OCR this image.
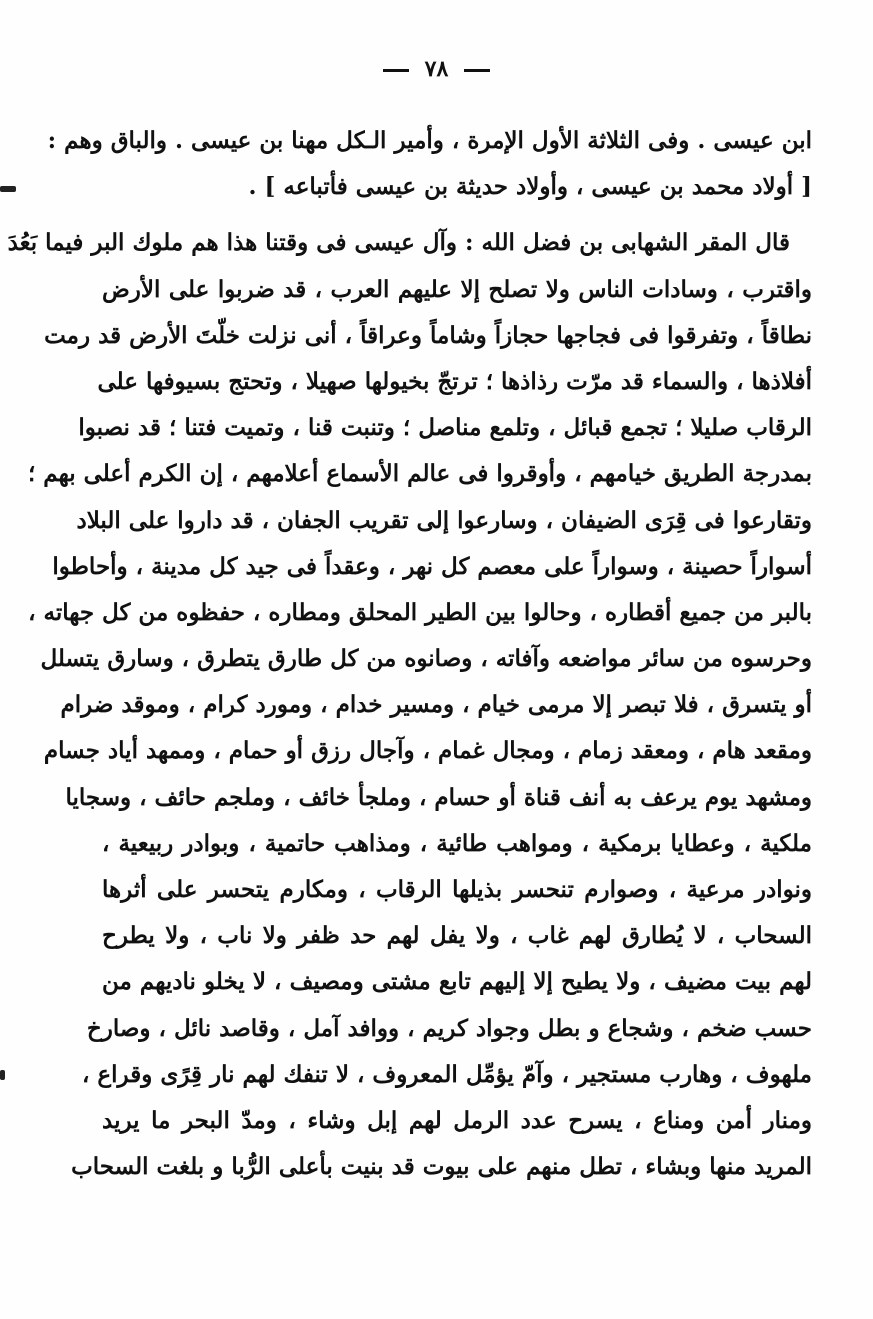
٧٨
ابن عيسى . وفى الثلاثة الأول الإمرة ، وأمير الـكل مهنا بن عيسى . والباق وهم :
[ أولاد محمد بن عيسى ، وأولاد حديثة بن عيسى فأتباعه ] .
قال المقر الشهابى بن فضل الله : وآل عيسى فى وقتنا هذا هم ملوك البر فيما بَعُدَ
واقترب ، وسادات الناس ولا تصلح إلا عليهم العرب ، قد ضربوا على الأرض
نطاقاً ، وتفرقوا فى فجاجها حجازاً وشاماً وعراقاً ، أنى نزلت خلّتَ الأرض قد رمت
أفلاذها ، والسماء قد مرّت رذاذها ؛ ترتجّ بخيولها صهيلا ، وتحتج بسيوفها على
الرقاب صليلا ؛ تجمع قبائل ، وتلمع مناصل ؛ وتنبت قنا ، وتميت فتنا ؛ قد نصبوا
بمدرجة الطريق خيامهم ، وأوقروا فى عالم الأسماع أعلامهم ، إن الكرم أعلى بهم ؛
وتقارعوا فى قِرَى الضيفان ، وسارعوا إلى تقريب الجفان ، قد داروا على البلاد
أسواراً حصينة ، وسواراً على معصم كل نهر ، وعقداً فى جيد كل مدينة ، وأحاطوا
بالبر من جميع أقطاره ، وحالوا بين الطير المحلق ومطاره ، حفظوه من كل جهاته ،
وحرسوه من سائر مواضعه وآفاته ، وصانوه من كل طارق يتطرق ، وسارق يتسلل
أو يتسرق ، فلا تبصر إلا مرمى خيام ، ومسير خدام ، ومورد كرام ، وموقد ضرام
ومقعد هام ، ومعقد زمام ، ومجال غمام ، وآجال رزق أو حمام ، وممهد أياد جسام
ومشهد يوم يرعف به أنف قناة أو حسام ، وملجأ خائف ، وملجم حائف ، وسجايا
ملكية ، وعطايا برمكية ، ومواهب طائية ، ومذاهب حاتمية ، وبوادر ربيعية ،
ونوادر مرعية ، وصوارم تنحسر بذيلها الرقاب ، ومكارم يتحسر على أثرها
السحاب ، لا يُطارق لهم غاب ، ولا يفل لهم حد ظفر ولا ناب ، ولا يطرح
لهم بيت مضيف ، ولا يطيح إلا إليهم تابع مشتى ومصيف ، لا يخلو ناديهم من
حسب ضخم ، وشجاع و بطل وجواد كريم ، ووافد آمل ، وقاصد نائل ، وصارخ
ملهوف ، وهارب مستجير ، وآمّ يؤمِّل المعروف ، لا تنفك لهم نار قِرًى وقراع ،
ومنار أمن ومناع ، يسرح عدد الرمل لهم إبل وشاء ، ومدّ البحر ما يريد
المريد منها وبشاء ، تطل منهم على بيوت قد بنيت بأعلى الرُّبا و بلغت السحاب
